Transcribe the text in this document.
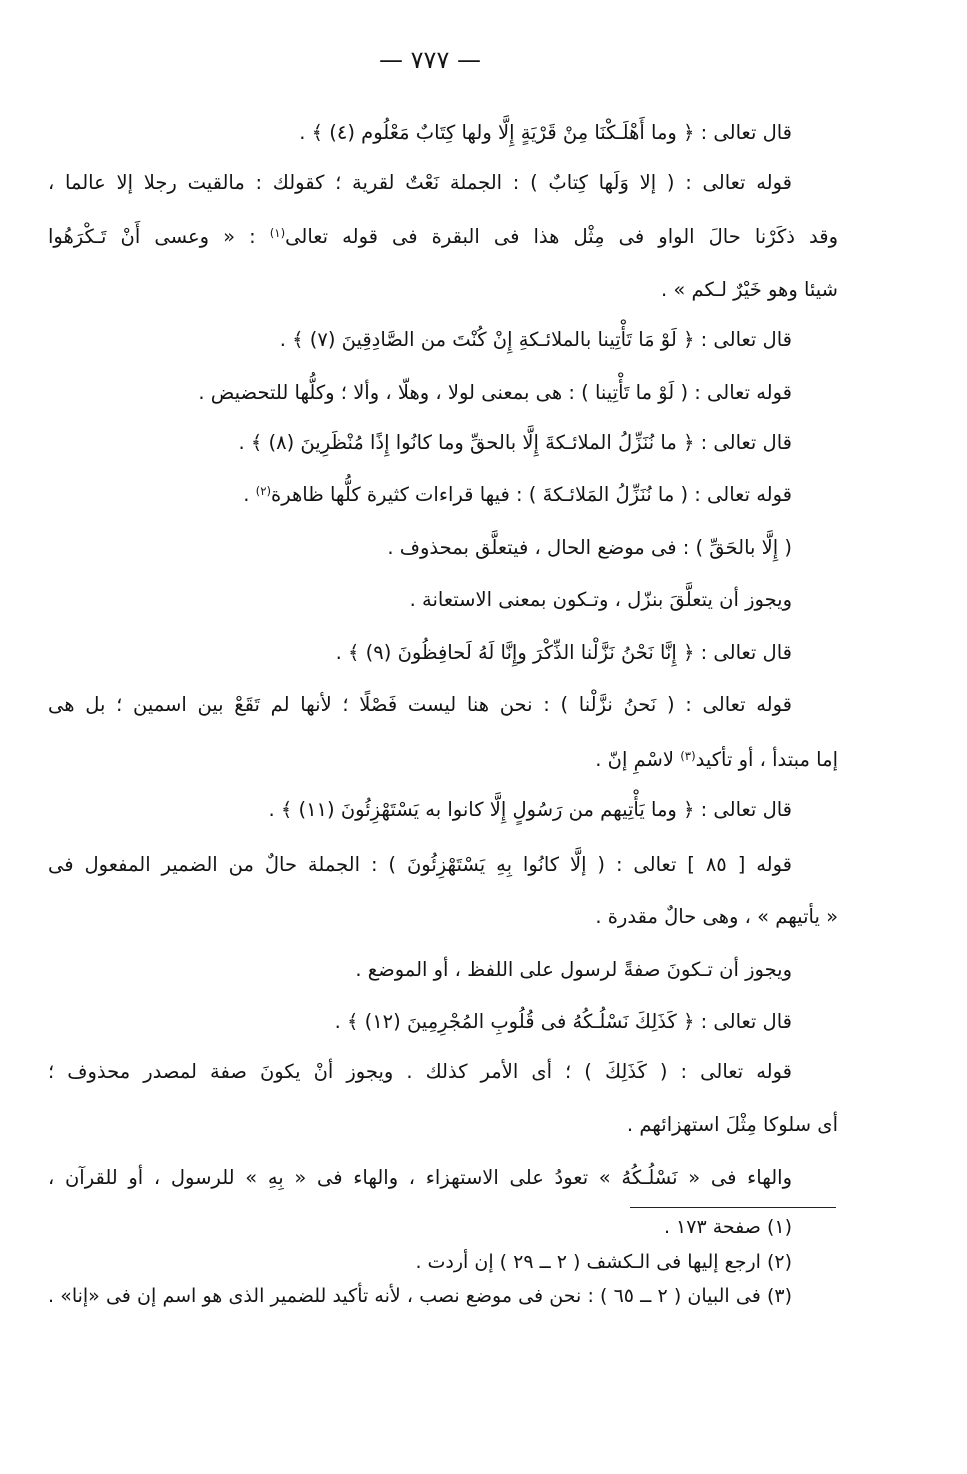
— ٧٧٧ —
قال تعالى : ﴿ وما أَهْلَـكْنَا مِنْ قَرْيَةٍ إِلَّا ولها كِتَابٌ مَعْلُوم (٤) ﴾ .
قوله تعالى : ( إلا وَلَها كِتابٌ ) : الجملة نَعْتٌ لقرية ؛ كقولك : مالقيت رجلا إلا عالما ،
وقد ذكَرْنا حالَ الواو فى مِثْل هذا فى البقرة فى قوله تعالى$^{(١)}$ : « وعسى أَنْ تَـكْرَهُوا
شيئا وهو خَيْرٌ لـكم » .
قال تعالى : ﴿ لَوْ مَا تَأْتِينا بالملائـكةِ إِنْ كُنْتَ من الصَّادِقِينَ (٧) ﴾ .
قوله تعالى : ( لَوْ ما تَأْتِينا ) : هى بمعنى لولا ، وهلّا ، وألا ؛ وكلُّها للتحضيض .
قال تعالى : ﴿ ما نُنَزِّلُ الملائـكةَ إِلَّا بالحقِّ وما كانُوا إِذًا مُنْظَرِينَ (٨) ﴾ .
قوله تعالى : ( ما نُنَزِّلُ المَلائـكةَ ) : فيها قراءات كثيرة كلُّها ظاهرة$^{(٢)}$ .
( إِلَّا بالحَقِّ ) : فى موضع الحال ، فيتعلَّق بمحذوف .
ويجوز أن يتعلَّقَ بنزّل ، وتـكون بمعنى الاستعانة .
قال تعالى : ﴿ إِنَّا نَحْنُ نَزَّلْنا الذِّكْرَ وإِنَّا لَهُ لَحافِظُونَ (٩) ﴾ .
قوله تعالى : ( نَحنُ نزَّلْنا ) : نحن هنا ليست فَصْلًا ؛ لأنها لم تَقَعْ بين اسمين ؛ بل هى
إما مبتدأ ، أو تأكيد$^{(٣)}$ لاسْمِ إنّ .
قال تعالى : ﴿ وما يَأْتِيهم من رَسُولٍ إِلَّا كانوا به يَسْتَهْزِئُونَ (١١) ﴾ .
قوله [ ٨٥ ] تعالى : ( إلَّا كانُوا بِهِ يَسْتَهْزِئُونَ ) : الجملة حالٌ من الضمير المفعول فى
« يأتيهم » ، وهى حالٌ مقدرة .
ويجوز أن تـكونَ صفةً لرسول على اللفظ ، أو الموضع .
قال تعالى : ﴿ كَذَلِكَ نَسْلُـكُهُ فى قُلُوبِ المُجْرِمِينَ (١٢) ﴾ .
قوله تعالى : ( كَذَلِكَ ) ؛ أى الأمر كذلك . ويجوز أنْ يكونَ صفة لمصدر محذوف ؛
أى سلوكا مِثْلَ استهزائهم .
والهاء فى « نَسْلُـكُهُ » تعودُ على الاستهزاء ، والهاء فى « بِهِ » للرسول ، أو للقرآن ،
(١) صفحة ١٧٣ .
(٢) ارجع إليها فى الـكشف ( ٢ ــ ٢٩ ) إن أردت .
(٣) فى البيان ( ٢ ــ ٦٥ ) : نحن فى موضع نصب ، لأنه تأكيد للضمير الذى هو اسم إن فى «إنا» .
